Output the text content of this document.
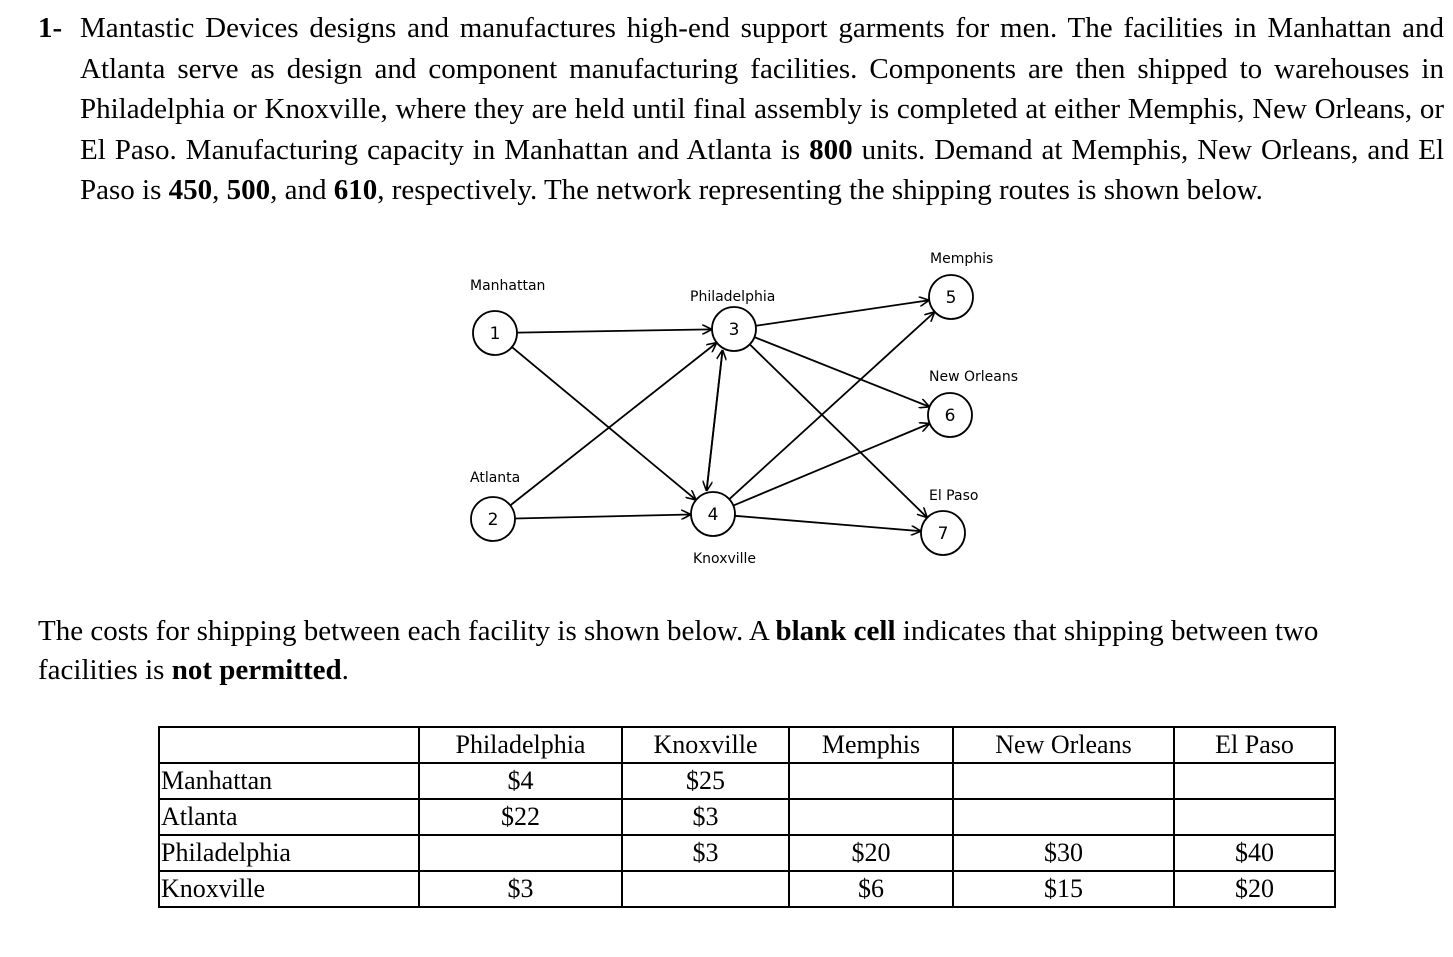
1- Mantastic Devices designs and manufactures high-end support garments for men. The facilities in Manhattan and Atlanta serve as design and component manufacturing facilities. Components are then shipped to warehouses in Philadelphia or Knoxville, where they are held until final assembly is completed at either Memphis, New Orleans, or El Paso. Manufacturing capacity in Manhattan and Atlanta is 800 units. Demand at Memphis, New Orleans, and El Paso is 450, 500, and 610, respectively. The network representing the shipping routes is shown below.
1
Manhattan
2
Atlanta
3
Philadelphia
4
Knoxville
5
Memphis
6
New Orleans
7
El Paso
The costs for shipping between each facility is shown below. A blank cell indicates that shipping between two facilities is not permitted.
	Philadelphia	Knoxville	Memphis	New Orleans	El Paso
Manhattan	$4	$25			
Atlanta	$22	$3			
Philadelphia		$3	$20	$30	$40
Knoxville	$3		$6	$15	$20
